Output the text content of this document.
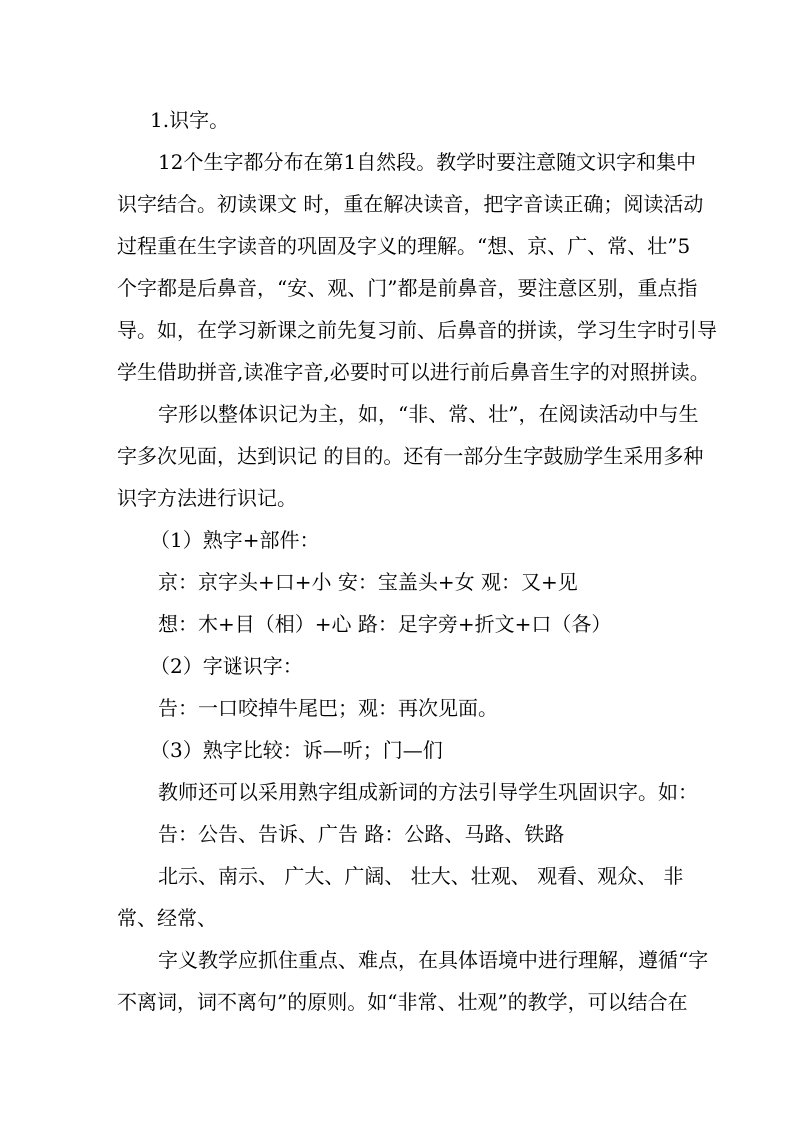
1.识字。
12个生字都分布在第1自然段。教学时要注意随文识字和集中
识字结合。初读课文 时，重在解决读音，把字音读正确；阅读活动
过程重在生字读音的巩固及字义的理解。“想、京、广、常、壮”5
个字都是后鼻音，“安、观、门”都是前鼻音，要注意区别，重点指
导。如，在学习新课之前先复习前、后鼻音的拼读，学习生字时引导
学生借助拼音,读准字音,必要时可以进行前后鼻音生字的对照拼读。
字形以整体识记为主，如，“非、常、壮”，在阅读活动中与生
字多次见面，达到识记 的目的。还有一部分生字鼓励学生采用多种
识字方法进行识记。
（1）熟字+部件：
京：京字头+口+小 安：宝盖头+女 观：又+见
想：木+目（相）+心 路：足字旁+折文+口（各）
（2）字谜识字：
告：一口咬掉牛尾巴；观：再次见面。
（3）熟字比较：诉—听；门—们
教师还可以采用熟字组成新词的方法引导学生巩固识字。如：
告：公告、告诉、广告 路：公路、马路、铁路
北示、南示、 广大、广阔、 壮大、壮观、 观看、观众、 非
常、经常、
字义教学应抓住重点、难点，在具体语境中进行理解，遵循“字
不离词，词不离句”的原则。如“非常、壮观”的教学，可以结合在
